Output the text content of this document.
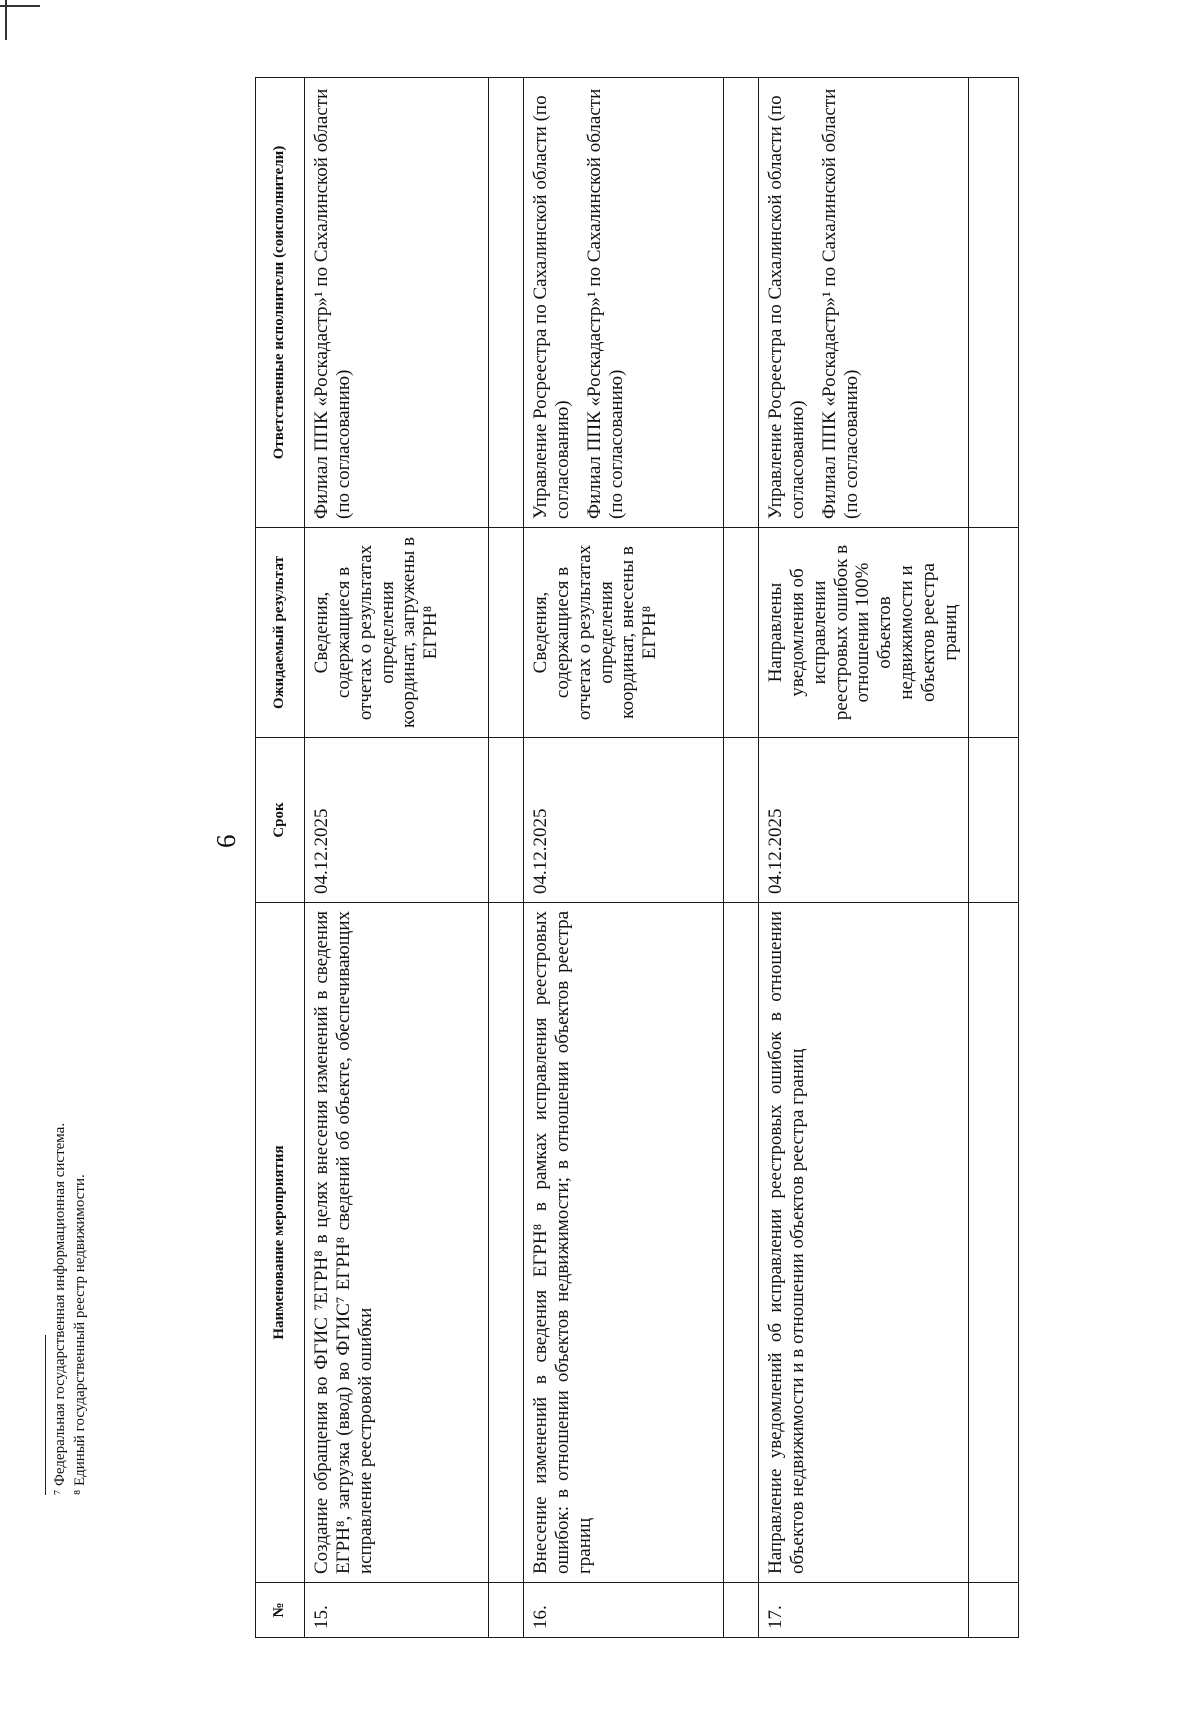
6
№	Наименование мероприятия	Срок	Ожидаемый результат	Ответственные исполнители (соисполнители)
15.	Создание обращения во ФГИС ⁷ЕГРН⁸ в целях внесения изменений в сведения ЕГРН⁸, загрузка (ввод) во ФГИС⁷ ЕГРН⁸ сведений об объекте, обеспечивающих исправление реестровой ошибки	04.12.2025	Сведения, содержащиеся в отчетах о результатах определения координат, загружены в ЕГРН⁸	Филиал ППК «Роскадастр»¹ по Сахалинской области (по согласованию)

16.	Внесение изменений в сведения ЕГРН⁸ в рамках исправления реестровых ошибок: в отношении объектов недвижимости; в отношении объектов реестра границ	04.12.2025	Сведения, содержащиеся в отчетах о результатах определения координат, внесены в ЕГРН⁸	Управление Росреестра по Сахалинской области (по согласованию) Филиал ППК «Роскадастр»¹ по Сахалинской области (по согласованию)

17.	Направление уведомлений об исправлении реестровых ошибок в отношении объектов недвижимости и в отношении объектов реестра границ	04.12.2025	Направлены уведомления об исправлении реестровых ошибок в отношении 100% объектов недвижимости и объектов реестра границ	Управление Росреестра по Сахалинской области (по согласованию) Филиал ППК «Роскадастр»¹ по Сахалинской области (по согласованию)

⁷ Федеральная государственная информационная система. ⁸ Единый государственный реестр недвижимости.
